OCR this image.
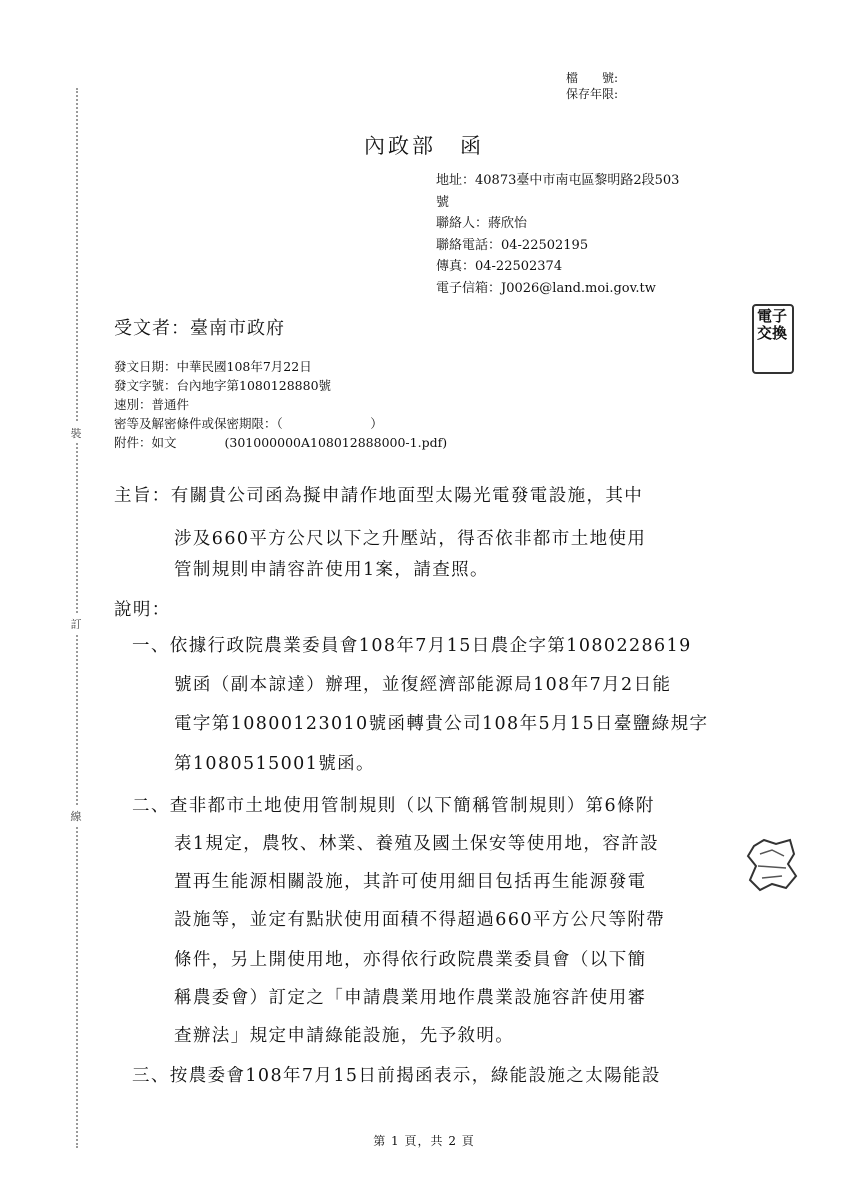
裝
訂
線
檔　　號:
保存年限:
內政部　函
地址：40873臺中市南屯區黎明路2段503
號
聯絡人：蔣欣怡
聯絡電話：04-22502195
傳真：04-22502374
電子信箱：J0026@land.moi.gov.tw
電子交換
受文者：臺南市政府
發文日期：中華民國108年7月22日
發文字號：台內地字第1080128880號
速別：普通件
密等及解密條件或保密期限：（　　　　　　　）
附件：如文	(301000000A108012888000-1.pdf)
主旨：有關貴公司函為擬申請作地面型太陽光電發電設施，其中
涉及660平方公尺以下之升壓站，得否依非都市土地使用
管制規則申請容許使用1案，請查照。
說明：
一、依據行政院農業委員會108年7月15日農企字第1080228619
號函（副本諒達）辦理，並復經濟部能源局108年7月2日能
電字第10800123010號函轉貴公司108年5月15日臺鹽綠規字
第1080515001號函。
二、查非都市土地使用管制規則（以下簡稱管制規則）第6條附
表1規定，農牧、林業、養殖及國土保安等使用地，容許設
置再生能源相關設施，其許可使用細目包括再生能源發電
設施等，並定有點狀使用面積不得超過660平方公尺等附帶
條件，另上開使用地，亦得依行政院農業委員會（以下簡
稱農委會）訂定之「申請農業用地作農業設施容許使用審
查辦法」規定申請綠能設施，先予敘明。
三、按農委會108年7月15日前揭函表示，綠能設施之太陽能設
第 1 頁，共 2 頁
